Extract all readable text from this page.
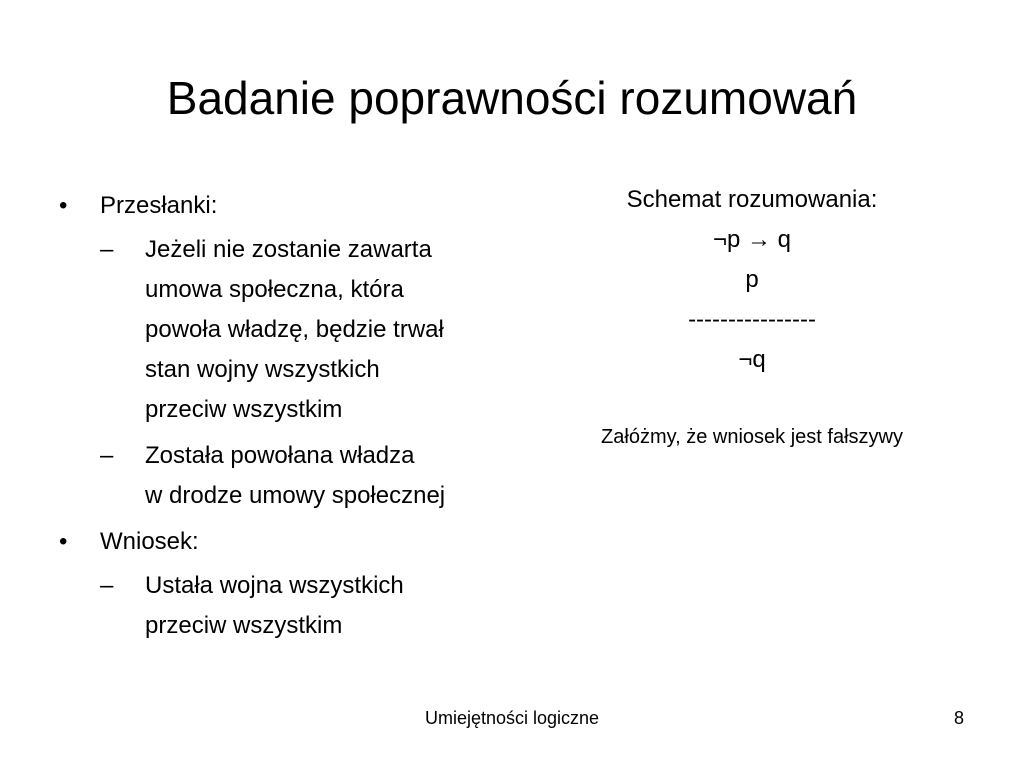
Badanie poprawności rozumowań
• Przesłanki:
– Jeżeli nie zostanie zawarta
umowa społeczna, która
powoła władzę, będzie trwał
stan wojny wszystkich
przeciw wszystkim
– Została powołana władza
w drodze umowy społecznej
• Wniosek:
– Ustała wojna wszystkich
przeciw wszystkim
Schemat rozumowania:
¬p → q
p
----------------
¬q
Załóżmy, że wniosek jest fałszywy
Umiejętności logiczne	8
